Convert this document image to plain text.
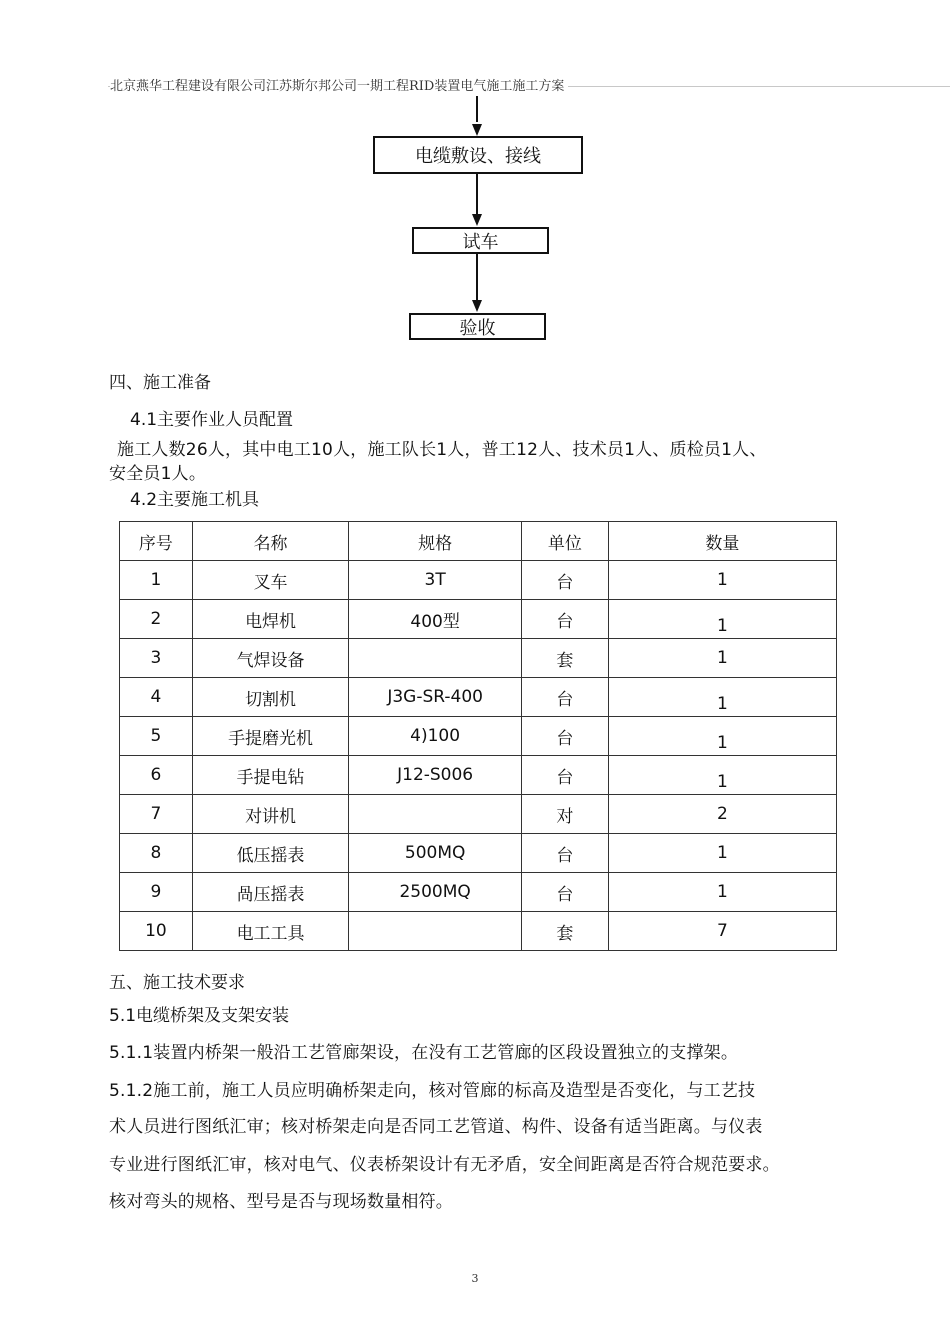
北京燕华工程建设有限公司江苏斯尔邦公司一期工程RID装置电气施工施工方案
电缆敷设、接线
试车
验收
四、施工准备
4.1主要作业人员配置
施工人数26人，其中电工10人，施工队长1人，普工12人、技术员1人、质检员1人、
安全员1人。
4.2主要施工机具
序号	名称	规格	单位	数量
1	叉车	3T	台	1
2	电焊机	400型	台	1
3	气焊设备		套	1
4	切割机	J3G-SR-400	台	1
5	手提磨光机	4)100	台	1
6	手提电钻	J12-S006	台	1
7	对讲机		对	2
8	低压摇表	500MQ	台	1
9	咼压摇表	2500MQ	台	1
10	电工工具		套	7
五、施工技术要求
5.1电缆桥架及支架安装
5.1.1装置内桥架一般沿工艺管廊架设，在没有工艺管廊的区段设置独立的支撑架。
5.1.2施工前，施工人员应明确桥架走向，核对管廊的标高及造型是否变化，与工艺技
术人员进行图纸汇审；核对桥架走向是否同工艺管道、构件、设备有适当距离。与仪表
专业进行图纸汇审，核对电气、仪表桥架设计有无矛盾，安全间距离是否符合规范要求。
核对弯头的规格、型号是否与现场数量相符。
3
